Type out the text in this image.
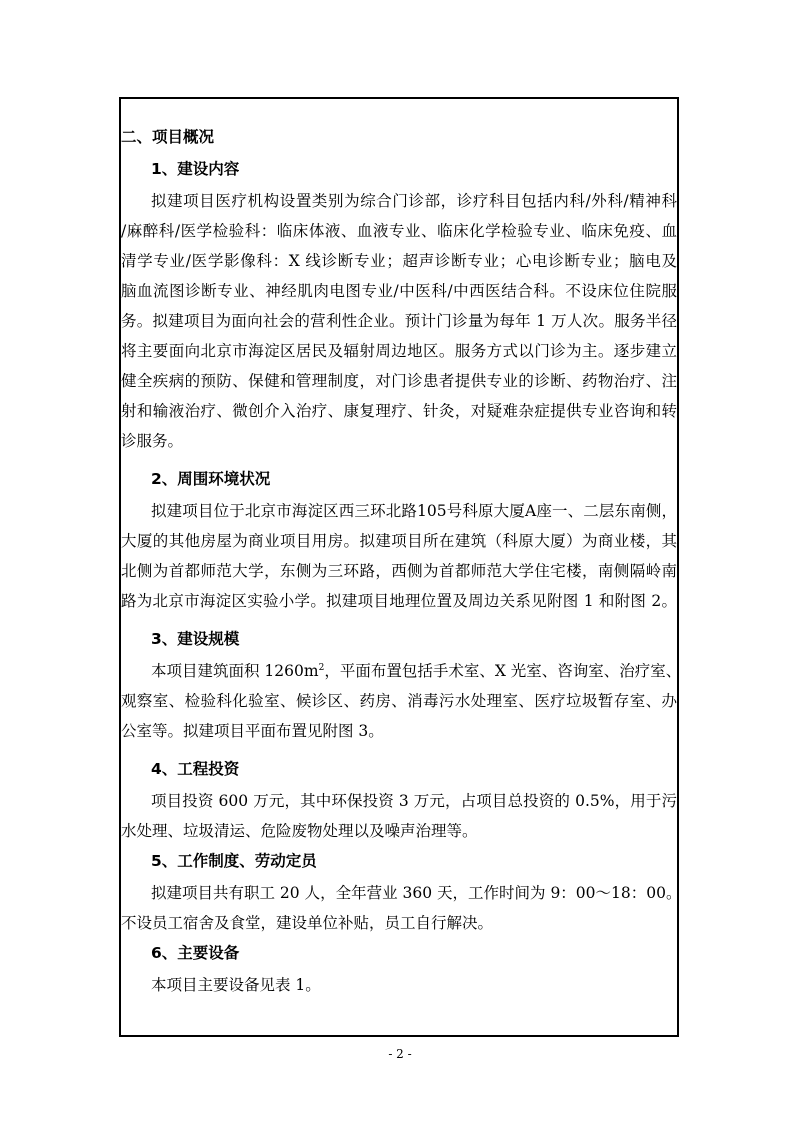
二、项目概况
1、建设内容
拟建项目医疗机构设置类别为综合门诊部，诊疗科目包括内科/外科/精神科
/麻醉科/医学检验科：临床体液、血液专业、临床化学检验专业、临床免疫、血
清学专业/医学影像科：X 线诊断专业；超声诊断专业；心电诊断专业；脑电及
脑血流图诊断专业、神经肌肉电图专业/中医科/中西医结合科。不设床位住院服
务。拟建项目为面向社会的营利性企业。预计门诊量为每年 1 万人次。服务半径
将主要面向北京市海淀区居民及辐射周边地区。服务方式以门诊为主。逐步建立
健全疾病的预防、保健和管理制度，对门诊患者提供专业的诊断、药物治疗、注
射和输液治疗、微创介入治疗、康复理疗、针灸，对疑难杂症提供专业咨询和转
诊服务。
2、周围环境状况
拟建项目位于北京市海淀区西三环北路105号科原大厦A座一、二层东南侧，
大厦的其他房屋为商业项目用房。拟建项目所在建筑（科原大厦）为商业楼，其
北侧为首都师范大学，东侧为三环路，西侧为首都师范大学住宅楼，南侧隔岭南
路为北京市海淀区实验小学。拟建项目地理位置及周边关系见附图 1 和附图 2。
3、建设规模
本项目建筑面积 $1260m^2$，平面布置包括手术室、X 光室、咨询室、治疗室、
观察室、检验科化验室、候诊区、药房、消毒污水处理室、医疗垃圾暂存室、办
公室等。拟建项目平面布置见附图 3。
4、工程投资
项目投资 600 万元，其中环保投资 3 万元，占项目总投资的 0.5%，用于污
水处理、垃圾清运、危险废物处理以及噪声治理等。
5、工作制度、劳动定员
拟建项目共有职工 20 人，全年营业 360 天，工作时间为 9：00～18：00。
不设员工宿舍及食堂，建设单位补贴，员工自行解决。
6、主要设备
本项目主要设备见表 1。
- 2 -
